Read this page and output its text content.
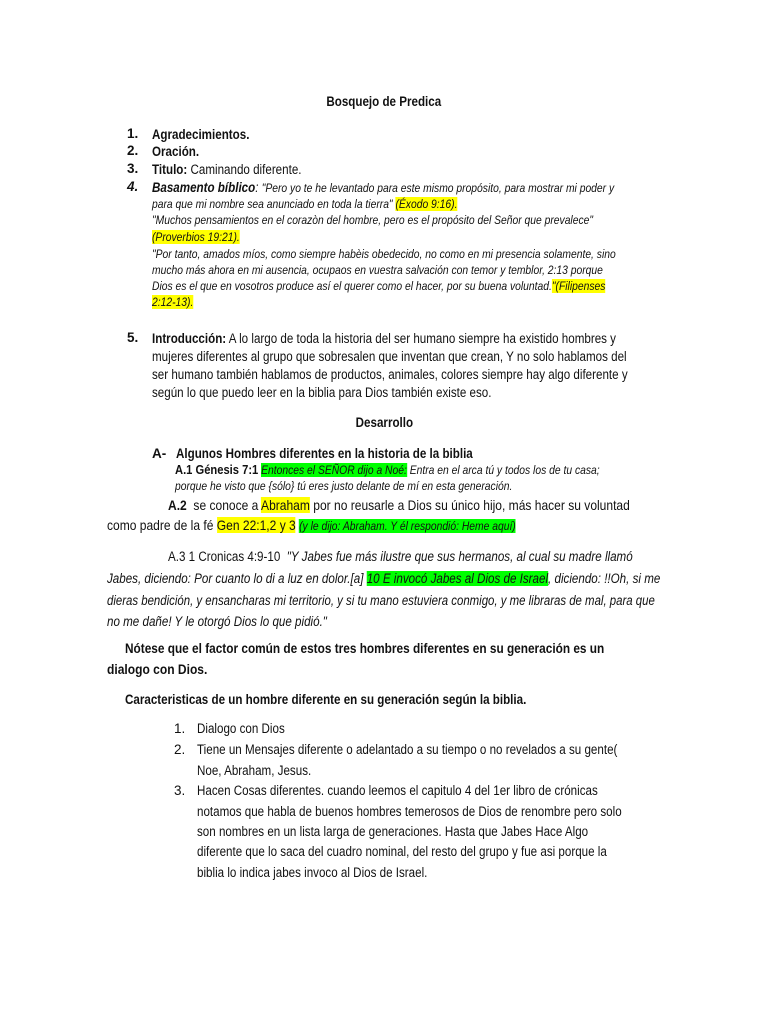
Bosquejo de Predica
1. Agradecimientos.
2. Oración.
3. Titulo: Caminando diferente.
4. Basamento bíblico: "Pero yo te he levantado para este mismo propósito, para mostrar mi poder y
para que mi nombre sea anunciado en toda la tierra" (Éxodo 9:16).
"Muchos pensamientos en el corazòn del hombre, pero es el propósito del Señor que prevalece"
(Proverbios 19:21).
"Por tanto, amados míos, como siempre habèis obedecido, no como en mi presencia solamente, sino
mucho más ahora en mi ausencia, ocupaos en vuestra salvación con temor y temblor, 2:13 porque
Dios es el que en vosotros produce así el querer como el hacer, por su buena voluntad."(Filipenses
2:12-13).
5. Introducción: A lo largo de toda la historia del ser humano siempre ha existido hombres y
mujeres diferentes al grupo que sobresalen que inventan que crean, Y no solo hablamos del
ser humano también hablamos de productos, animales, colores siempre hay algo diferente y
según lo que puedo leer en la biblia para Dios también existe eso.
Desarrollo
A- Algunos Hombres diferentes en la historia de la biblia
A.1 Génesis 7:1 Entonces el SEÑOR dijo a Noé: Entra en el arca tú y todos los de tu casa;
porque he visto que {sólo} tú eres justo delante de mí en esta generación.
A.2 se conoce a Abraham por no reusarle a Dios su único hijo, más hacer su voluntad
como padre de la fé Gen 22:1,2 y 3 (y le dijo: Abraham. Y él respondió: Heme aquí)
A.3 1 Cronicas 4:9-10 "Y Jabes fue más ilustre que sus hermanos, al cual su madre llamó
Jabes, diciendo: Por cuanto lo di a luz en dolor.[a] 10 E invocó Jabes al Dios de Israel, diciendo: !!Oh, si me
dieras bendición, y ensancharas mi territorio, y si tu mano estuviera conmigo, y me libraras de mal, para que
no me dañe! Y le otorgó Dios lo que pidió."
Nótese que el factor común de estos tres hombres diferentes en su generación es un
dialogo con Dios.
Caracteristicas de un hombre diferente en su generación según la biblia.
1. Dialogo con Dios
2. Tiene un Mensajes diferente o adelantado a su tiempo o no revelados a su gente(
Noe, Abraham, Jesus.
3. Hacen Cosas diferentes. cuando leemos el capitulo 4 del 1er libro de crónicas
notamos que habla de buenos hombres temerosos de Dios de renombre pero solo
son nombres en un lista larga de generaciones. Hasta que Jabes Hace Algo
diferente que lo saca del cuadro nominal, del resto del grupo y fue asi porque la
biblia lo indica jabes invoco al Dios de Israel.
